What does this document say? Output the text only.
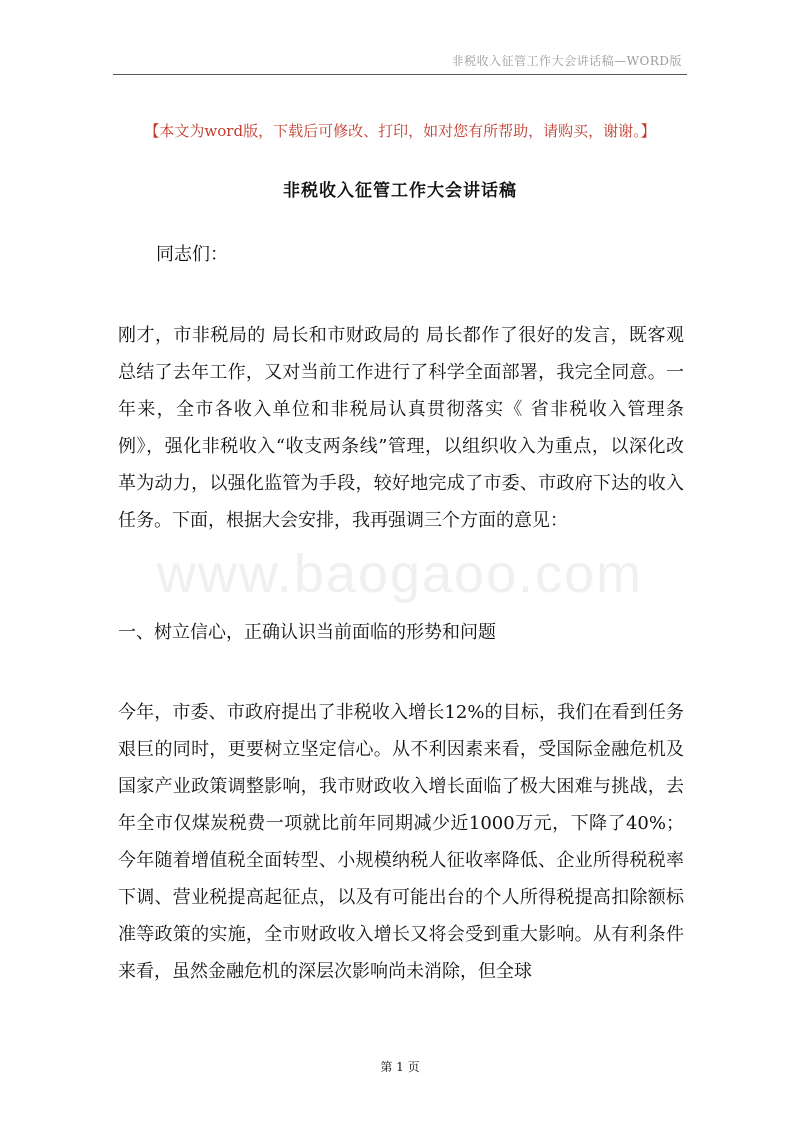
非税收入征管工作大会讲话稿—WORD版
【本文为word版，下载后可修改、打印，如对您有所帮助，请购买，谢谢。】
非税收入征管工作大会讲话稿
同志们：
刚才，市非税局的 局长和市财政局的 局长都作了很好的发言，既客观总结了去年工作，又对当前工作进行了科学全面部署，我完全同意。一年来，全市各收入单位和非税局认真贯彻落实《 省非税收入管理条例》，强化非税收入“收支两条线”管理，以组织收入为重点，以深化改革为动力，以强化监管为手段，较好地完成了市委、市政府下达的收入任务。下面，根据大会安排，我再强调三个方面的意见：
www.baogaoo.com
一、树立信心，正确认识当前面临的形势和问题
今年，市委、市政府提出了非税收入增长12%的目标，我们在看到任务艰巨的同时，更要树立坚定信心。从不利因素来看，受国际金融危机及国家产业政策调整影响，我市财政收入增长面临了极大困难与挑战，去年全市仅煤炭税费一项就比前年同期减少近1000万元，下降了40%；今年随着增值税全面转型、小规模纳税人征收率降低、企业所得税税率下调、营业税提高起征点，以及有可能出台的个人所得税提高扣除额标准等政策的实施，全市财政收入增长又将会受到重大影响。从有利条件来看，虽然金融危机的深层次影响尚未消除，但全球
第 1 页
